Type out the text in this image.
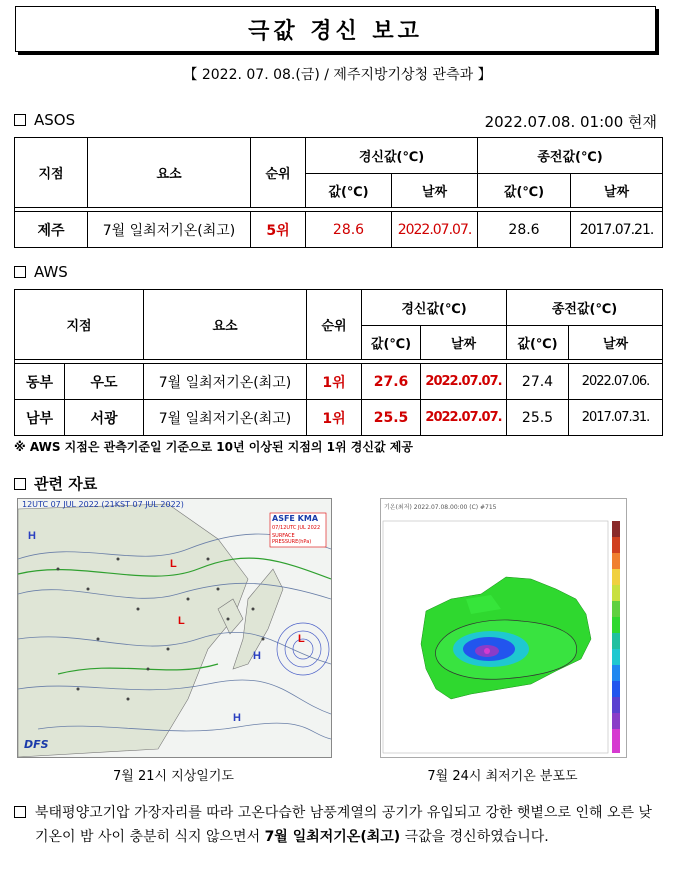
극값 경신 보고
【 2022. 07. 08.(금) / 제주지방기상청 관측과 】
ASOS	2022.07.08. 01:00 현재
지점	요소	순위	경신값(℃)		종전값(℃)	
			값(℃)	날짜	값(℃)	날짜

제주	7월 일최저기온(최고)	5위	28.6	2022.07.07.	28.6	2017.07.21.
AWS
지점		요소	순위	경신값(℃)		종전값(℃)	
				값(℃)	날짜	값(℃)	날짜

동부	우도	7월 일최저기온(최고)	1위	27.6	2022.07.07.	27.4	2022.07.06.
남부	서광	7월 일최저기온(최고)	1위	25.5	2022.07.07.	25.5	2017.07.31.
※ AWS 지점은 관측기준일 기준으로 10년 이상된 지점의 1위 경신값 제공
관련 자료
L
L
L
H
H
H
12UTC 07 JUL 2022 (21KST 07 JUL 2022)
ASFE KMA
07/12UTC JUL 2022
SURFACE PRESSURE(hPa)
DFS
7월 21시 지상일기도
기온(최저) 2022.07.08.00:00 (C) #715
7월 24시 최저기온 분포도
북태평양고기압 가장자리를 따라 고온다습한 남풍계열의 공기가 유입되고 강한 햇볕으로 인해 오른 낮 기온이 밤 사이 충분히 식지 않으면서 7월 일최저기온(최고) 극값을 경신하였습니다.
